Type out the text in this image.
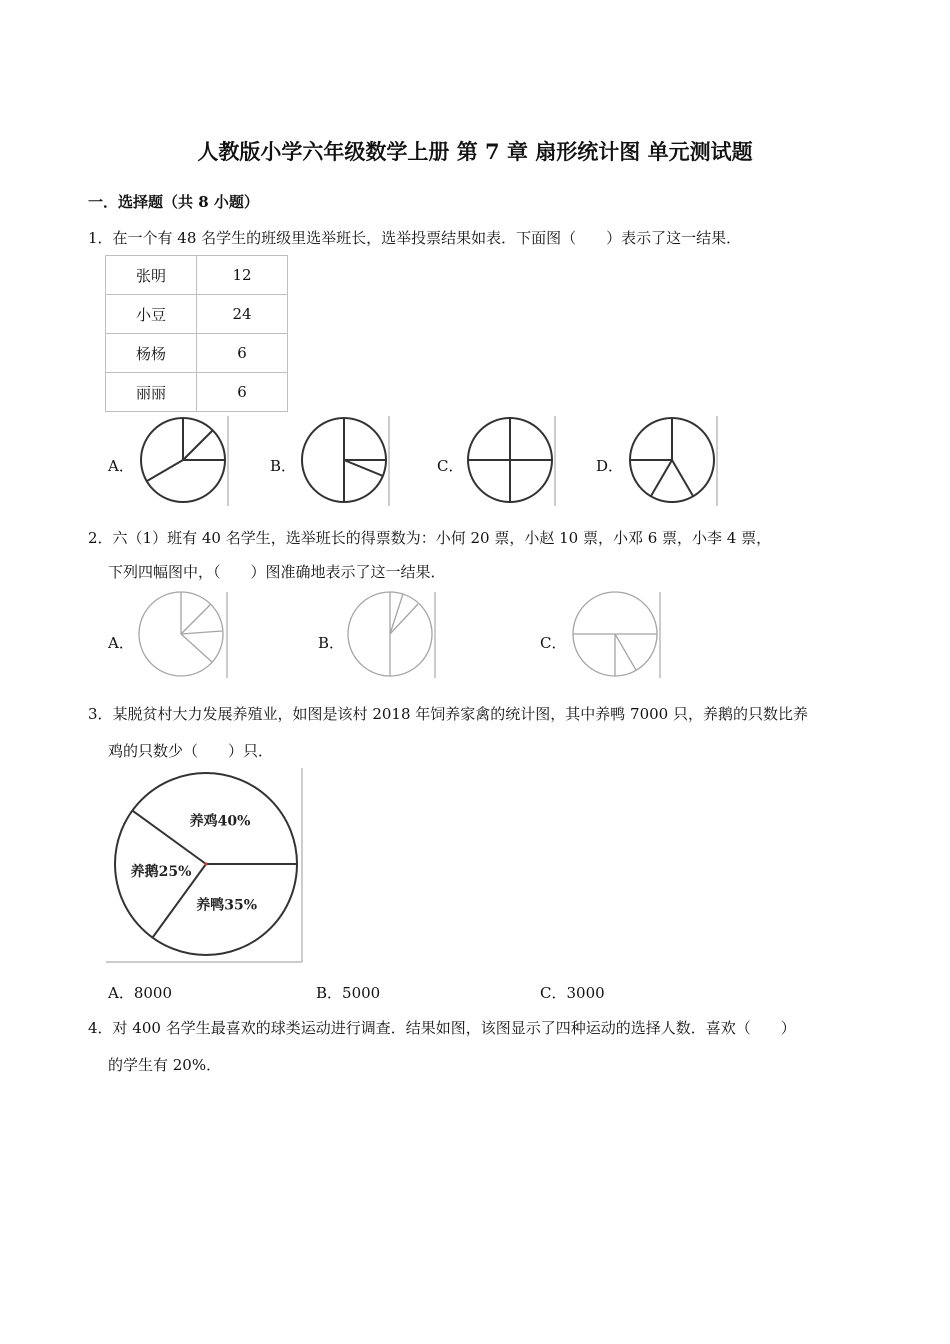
人教版小学六年级数学上册 第 7 章 扇形统计图 单元测试题
一．选择题（共 8 小题）
1．在一个有 48 名学生的班级里选举班长，选举投票结果如表．下面图（　　）表示了这一结果．
张明	12
小豆	24
杨杨	6
丽丽	6
A．	B．	C．	D．
2．六（1）班有 40 名学生，选举班长的得票数为：小何 20 票，小赵 10 票，小邓 6 票，小李 4 票，
下列四幅图中，（　　）图准确地表示了这一结果．
A．	B．	C．
3．某脱贫村大力发展养殖业，如图是该村 2018 年饲养家禽的统计图，其中养鸭 7000 只，养鹅的只数比养
鸡的只数少（　　）只．
养鸡40%
养鹅25%
养鸭35%
A．8000	B．5000	C．3000
4．对 400 名学生最喜欢的球类运动进行调查．结果如图，该图显示了四种运动的选择人数．喜欢（　　）
的学生有 20%．
